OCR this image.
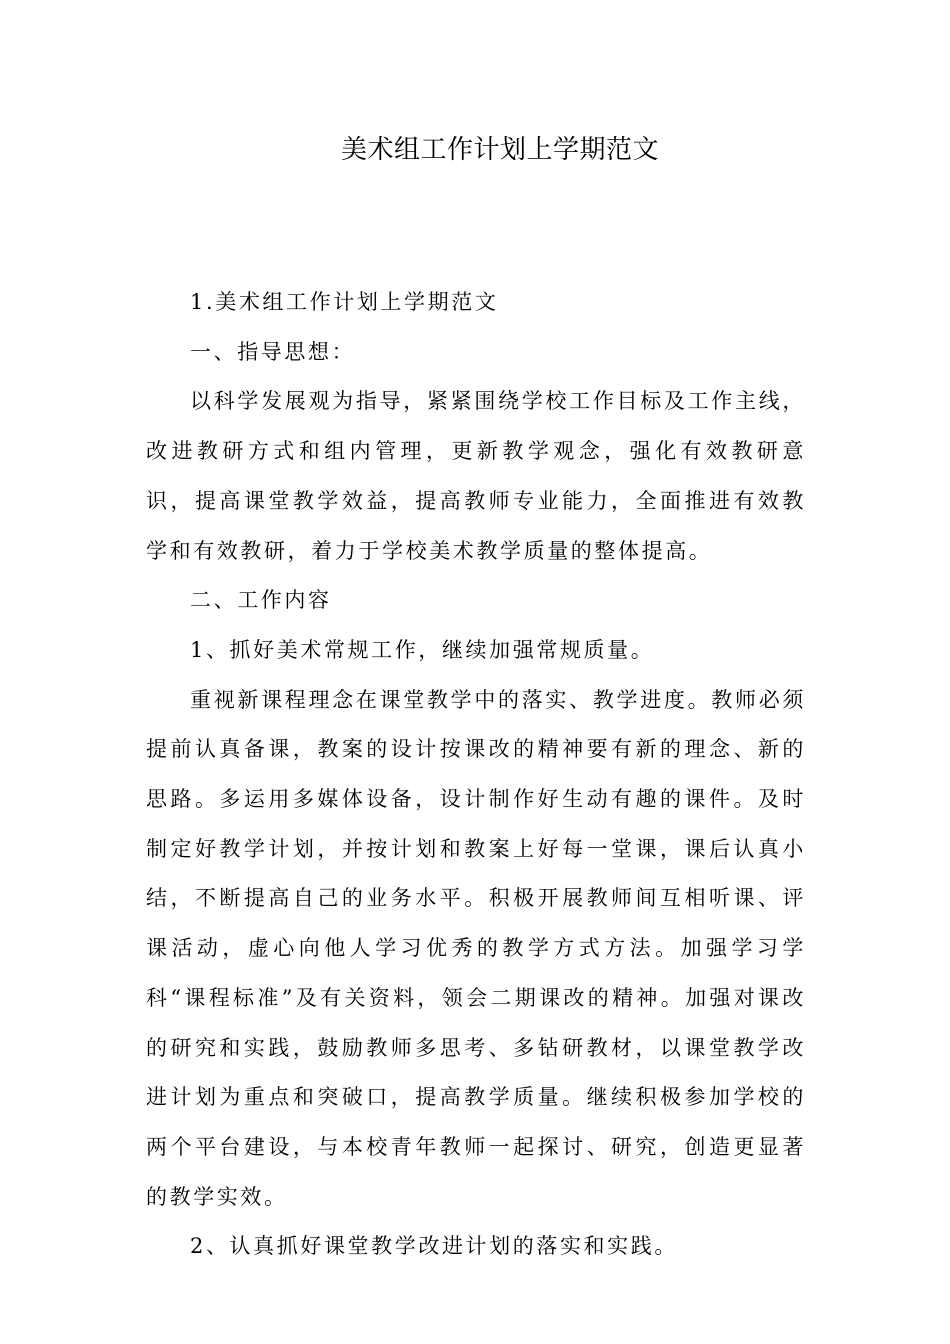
美术组工作计划上学期范文

1.美术组工作计划上学期范文

一、指导思想：

以科学发展观为指导，紧紧围绕学校工作目标及工作主线，改进教研方式和组内管理，更新教学观念，强化有效教研意识，提高课堂教学效益，提高教师专业能力，全面推进有效教学和有效教研，着力于学校美术教学质量的整体提高。

二、工作内容

1、抓好美术常规工作，继续加强常规质量。

重视新课程理念在课堂教学中的落实、教学进度。教师必须提前认真备课，教案的设计按课改的精神要有新的理念、新的思路。多运用多媒体设备，设计制作好生动有趣的课件。及时制定好教学计划，并按计划和教案上好每一堂课，课后认真小结，不断提高自己的业务水平。积极开展教师间互相听课、评课活动，虚心向他人学习优秀的教学方式方法。加强学习学科“课程标准”及有关资料，领会二期课改的精神。加强对课改的研究和实践，鼓励教师多思考、多钻研教材，以课堂教学改进计划为重点和突破口，提高教学质量。继续积极参加学校的两个平台建设，与本校青年教师一起探讨、研究，创造更显著的教学实效。

2、认真抓好课堂教学改进计划的落实和实践。
